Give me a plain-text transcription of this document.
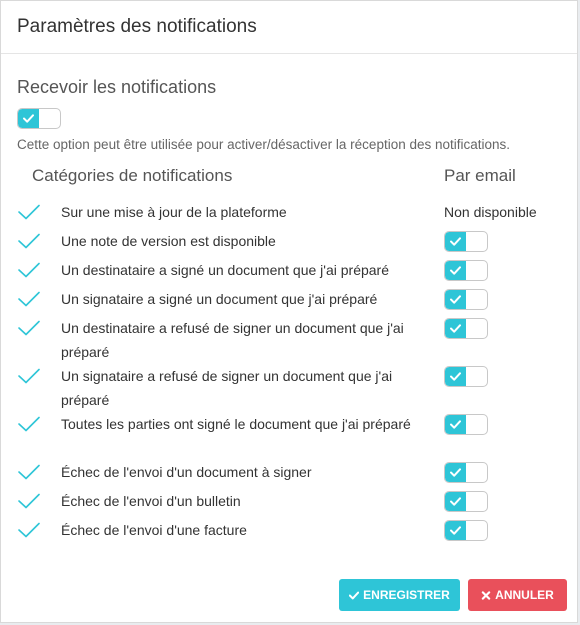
Paramètres des notifications
Recevoir les notifications
Cette option peut être utilisée pour activer/désactiver la réception des notifications.
Catégories de notifications	Par email
Sur une mise à jour de la plateforme
Une note de version est disponible
Un destinataire a signé un document que j'ai préparé
Un signataire a signé un document que j'ai préparé
Un destinataire a refusé de signer un document que j'ai préparé
Un signataire a refusé de signer un document que j'ai préparé
Toutes les parties ont signé le document que j'ai préparé
Échec de l'envoi d'un document à signer
Échec de l'envoi d'un bulletin
Échec de l'envoi d'une facture
Non disponible
ENREGISTRER	ANNULER
